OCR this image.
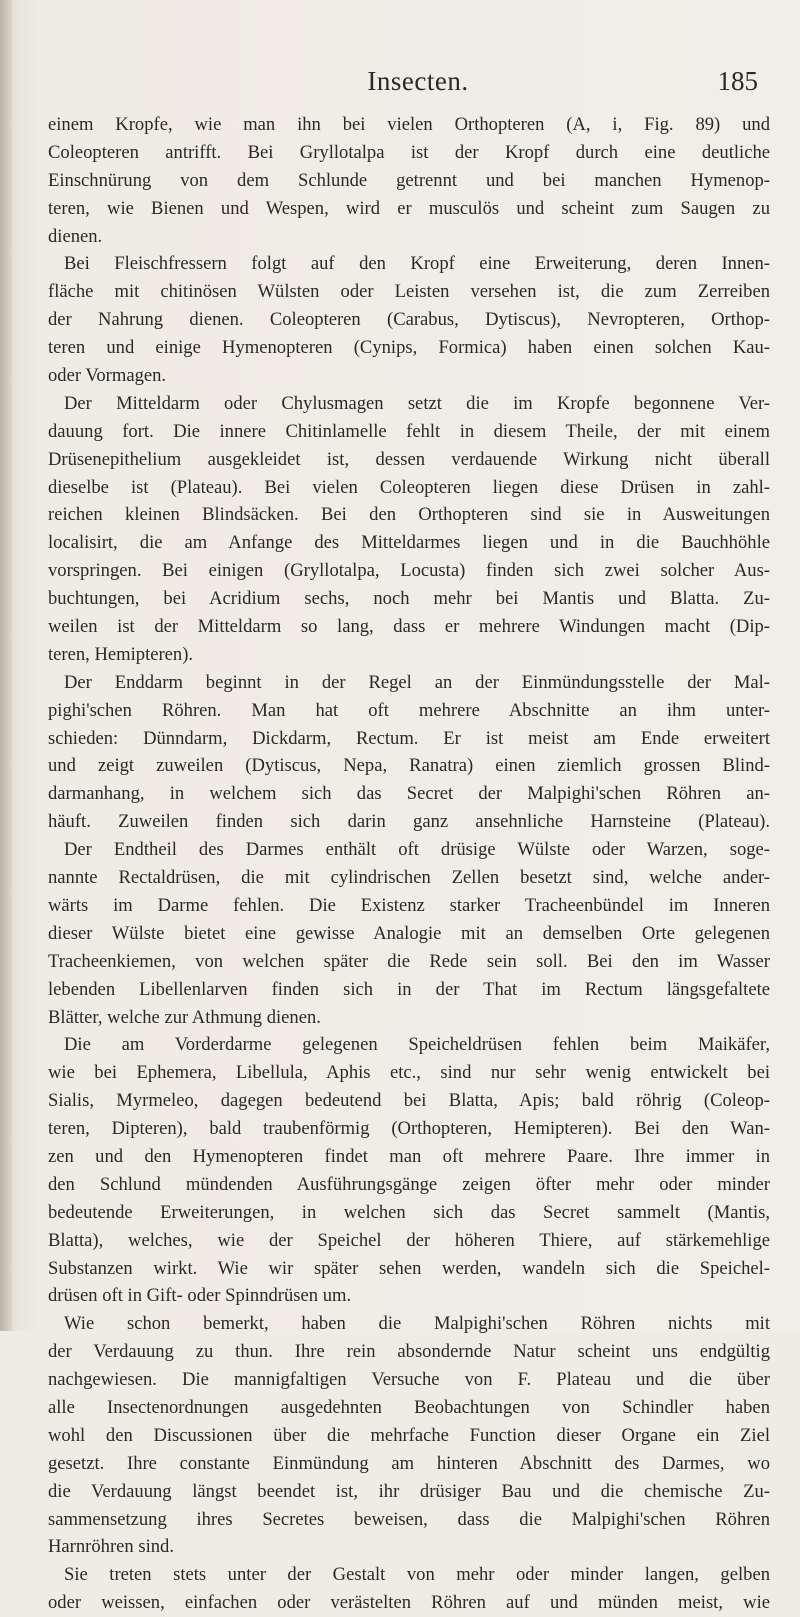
Insecten.	185
einem Kropfe, wie man ihn bei vielen Orthopteren (A, i, Fig. 89) und
Coleopteren antrifft. Bei Gryllotalpa ist der Kropf durch eine deutliche
Einschnürung von dem Schlunde getrennt und bei manchen Hymenop-
teren, wie Bienen und Wespen, wird er musculös und scheint zum Saugen zu
dienen.
Bei Fleischfressern folgt auf den Kropf eine Erweiterung, deren Innen-
fläche mit chitinösen Wülsten oder Leisten versehen ist, die zum Zerreiben
der Nahrung dienen. Coleopteren (Carabus, Dytiscus), Nevropteren, Orthop-
teren und einige Hymenopteren (Cynips, Formica) haben einen solchen Kau-
oder Vormagen.
Der Mitteldarm oder Chylusmagen setzt die im Kropfe begonnene Ver-
dauung fort. Die innere Chitinlamelle fehlt in diesem Theile, der mit einem
Drüsenepithelium ausgekleidet ist, dessen verdauende Wirkung nicht überall
dieselbe ist (Plateau). Bei vielen Coleopteren liegen diese Drüsen in zahl-
reichen kleinen Blindsäcken. Bei den Orthopteren sind sie in Ausweitungen
localisirt, die am Anfange des Mitteldarmes liegen und in die Bauchhöhle
vorspringen. Bei einigen (Gryllotalpa, Locusta) finden sich zwei solcher Aus-
buchtungen, bei Acridium sechs, noch mehr bei Mantis und Blatta. Zu-
weilen ist der Mitteldarm so lang, dass er mehrere Windungen macht (Dip-
teren, Hemipteren).
Der Enddarm beginnt in der Regel an der Einmündungsstelle der Mal-
pighi'schen Röhren. Man hat oft mehrere Abschnitte an ihm unter-
schieden: Dünndarm, Dickdarm, Rectum. Er ist meist am Ende erweitert
und zeigt zuweilen (Dytiscus, Nepa, Ranatra) einen ziemlich grossen Blind-
darmanhang, in welchem sich das Secret der Malpighi'schen Röhren an-
häuft. Zuweilen finden sich darin ganz ansehnliche Harnsteine (Plateau).
Der Endtheil des Darmes enthält oft drüsige Wülste oder Warzen, soge-
nannte Rectaldrüsen, die mit cylindrischen Zellen besetzt sind, welche ander-
wärts im Darme fehlen. Die Existenz starker Tracheenbündel im Inneren
dieser Wülste bietet eine gewisse Analogie mit an demselben Orte gelegenen
Tracheenkiemen, von welchen später die Rede sein soll. Bei den im Wasser
lebenden Libellenlarven finden sich in der That im Rectum längsgefaltete
Blätter, welche zur Athmung dienen.
Die am Vorderdarme gelegenen Speicheldrüsen fehlen beim Maikäfer,
wie bei Ephemera, Libellula, Aphis etc., sind nur sehr wenig entwickelt bei
Sialis, Myrmeleo, dagegen bedeutend bei Blatta, Apis; bald röhrig (Coleop-
teren, Dipteren), bald traubenförmig (Orthopteren, Hemipteren). Bei den Wan-
zen und den Hymenopteren findet man oft mehrere Paare. Ihre immer in
den Schlund mündenden Ausführungsgänge zeigen öfter mehr oder minder
bedeutende Erweiterungen, in welchen sich das Secret sammelt (Mantis,
Blatta), welches, wie der Speichel der höheren Thiere, auf stärkemehlige
Substanzen wirkt. Wie wir später sehen werden, wandeln sich die Speichel-
drüsen oft in Gift- oder Spinndrüsen um.
Wie schon bemerkt, haben die Malpighi'schen Röhren nichts mit
der Verdauung zu thun. Ihre rein absondernde Natur scheint uns endgültig
nachgewiesen. Die mannigfaltigen Versuche von F. Plateau und die über
alle Insectenordnungen ausgedehnten Beobachtungen von Schindler haben
wohl den Discussionen über die mehrfache Function dieser Organe ein Ziel
gesetzt. Ihre constante Einmündung am hinteren Abschnitt des Darmes, wo
die Verdauung längst beendet ist, ihr drüsiger Bau und die chemische Zu-
sammensetzung ihres Secretes beweisen, dass die Malpighi'schen Röhren
Harnröhren sind.
Sie treten stets unter der Gestalt von mehr oder minder langen, gelben
oder weissen, einfachen oder verästelten Röhren auf und münden meist, wie
